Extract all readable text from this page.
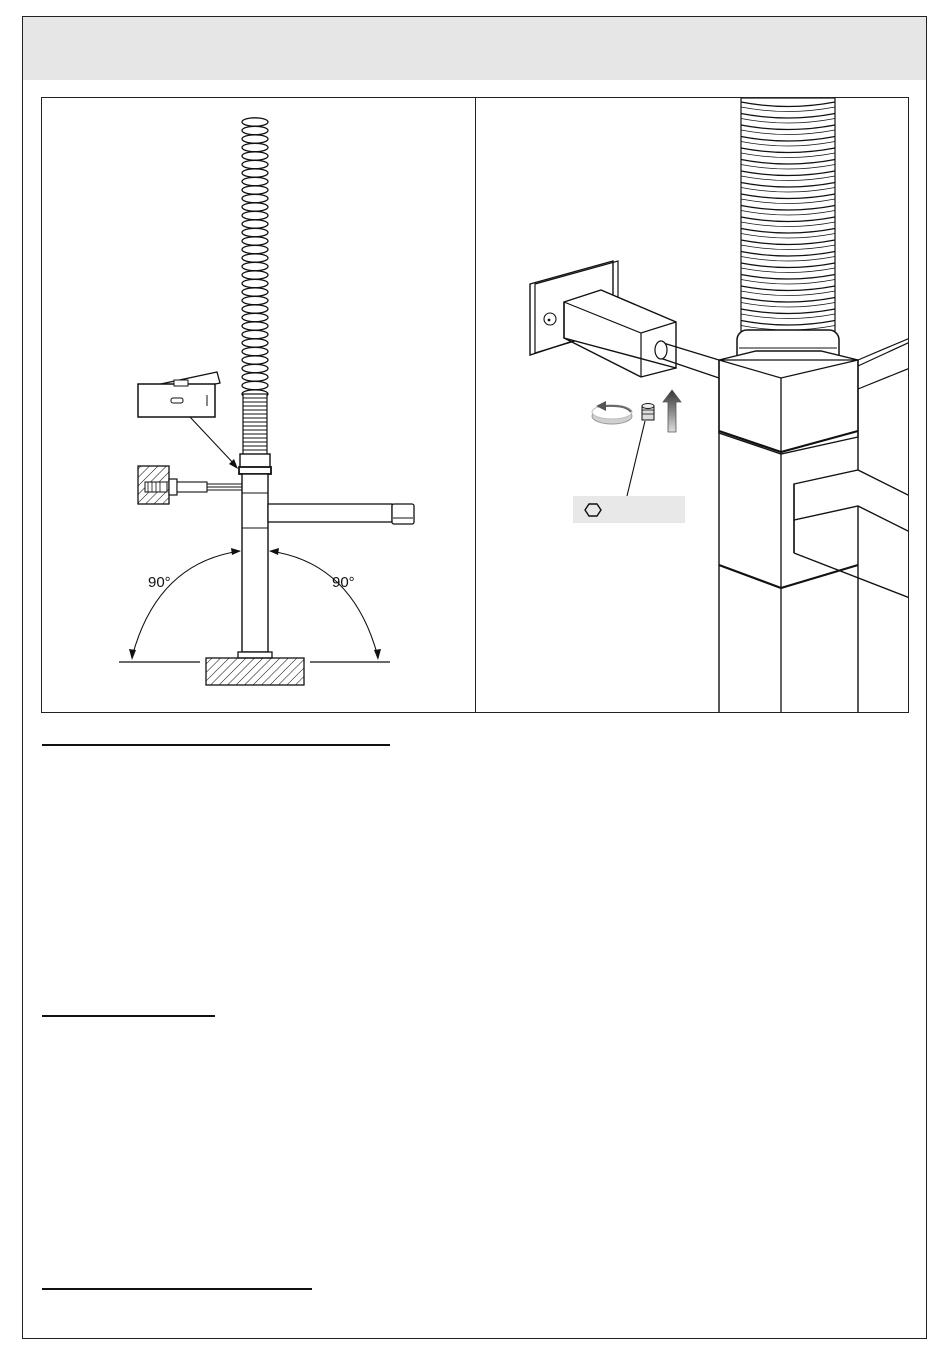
90°	90°
